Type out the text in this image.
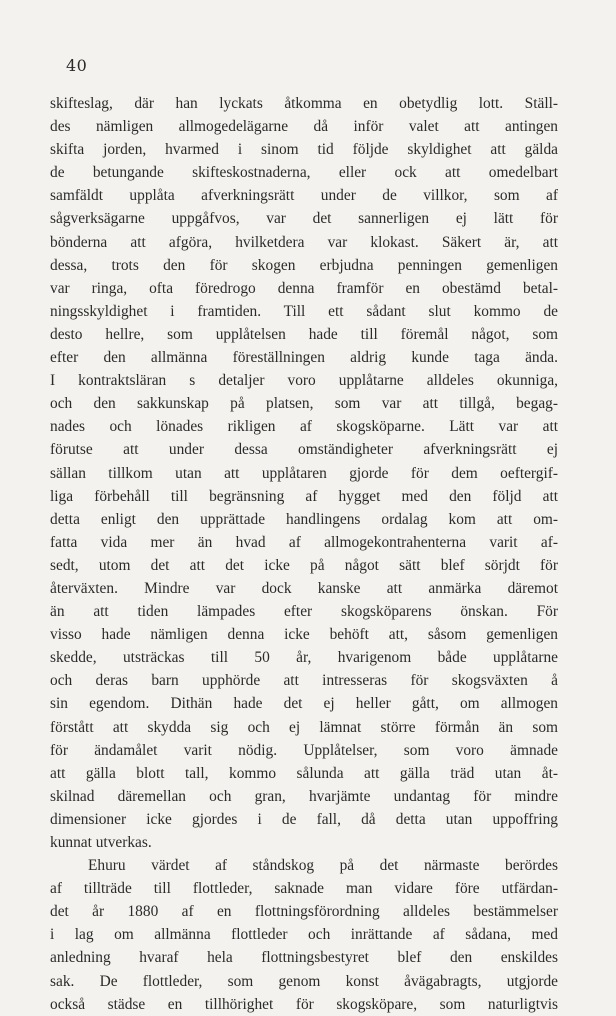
40
skifteslag, där han lyckats åtkomma en obetydlig lott. Ställ-
des nämligen allmogedelägarne då inför valet att antingen
skifta jorden, hvarmed i sinom tid följde skyldighet att gälda
de betungande skifteskostnaderna, eller ock att omedelbart
samfäldt upplåta afverkningsrätt under de villkor, som af
sågverksägarne uppgåfvos, var det sannerligen ej lätt för
bönderna att afgöra, hvilketdera var klokast. Säkert är, att
dessa, trots den för skogen erbjudna penningen gemenligen
var ringa, ofta föredrogo denna framför en obestämd betal-
ningsskyldighet i framtiden. Till ett sådant slut kommo de
desto hellre, som upplåtelsen hade till föremål något, som
efter den allmänna föreställningen aldrig kunde taga ända.
I kontraktsläran s detaljer voro upplåtarne alldeles okunniga,
och den sakkunskap på platsen, som var att tillgå, begag-
nades och lönades rikligen af skogsköparne. Lätt var att
förutse att under dessa omständigheter afverkningsrätt ej
sällan tillkom utan att upplåtaren gjorde för dem oeftergif-
liga förbehåll till begränsning af hygget med den följd att
detta enligt den upprättade handlingens ordalag kom att om-
fatta vida mer än hvad af allmogekontrahenterna varit af-
sedt, utom det att det icke på något sätt blef sörjdt för
återväxten. Mindre var dock kanske att anmärka däremot
än att tiden lämpades efter skogsköparens önskan. För
visso hade nämligen denna icke behöft att, såsom gemenligen
skedde, utsträckas till 50 år, hvarigenom både upplåtarne
och deras barn upphörde att intresseras för skogsväxten å
sin egendom. Dithän hade det ej heller gått, om allmogen
förstått att skydda sig och ej lämnat större förmån än som
för ändamålet varit nödig. Upplåtelser, som voro ämnade
att gälla blott tall, kommo sålunda att gälla träd utan åt-
skilnad däremellan och gran, hvarjämte undantag för mindre
dimensioner icke gjordes i de fall, då detta utan uppoffring
kunnat utverkas.
Ehuru värdet af ståndskog på det närmaste berördes
af tillträde till flottleder, saknade man vidare före utfärdan-
det år 1880 af en flottningsförordning alldeles bestämmelser
i lag om allmänna flottleder och inrättande af sådana, med
anledning hvaraf hela flottningsbestyret blef den enskildes
sak. De flottleder, som genom konst åvägabragts, utgjorde
också städse en tillhörighet för skogsköpare, som naturligtvis
